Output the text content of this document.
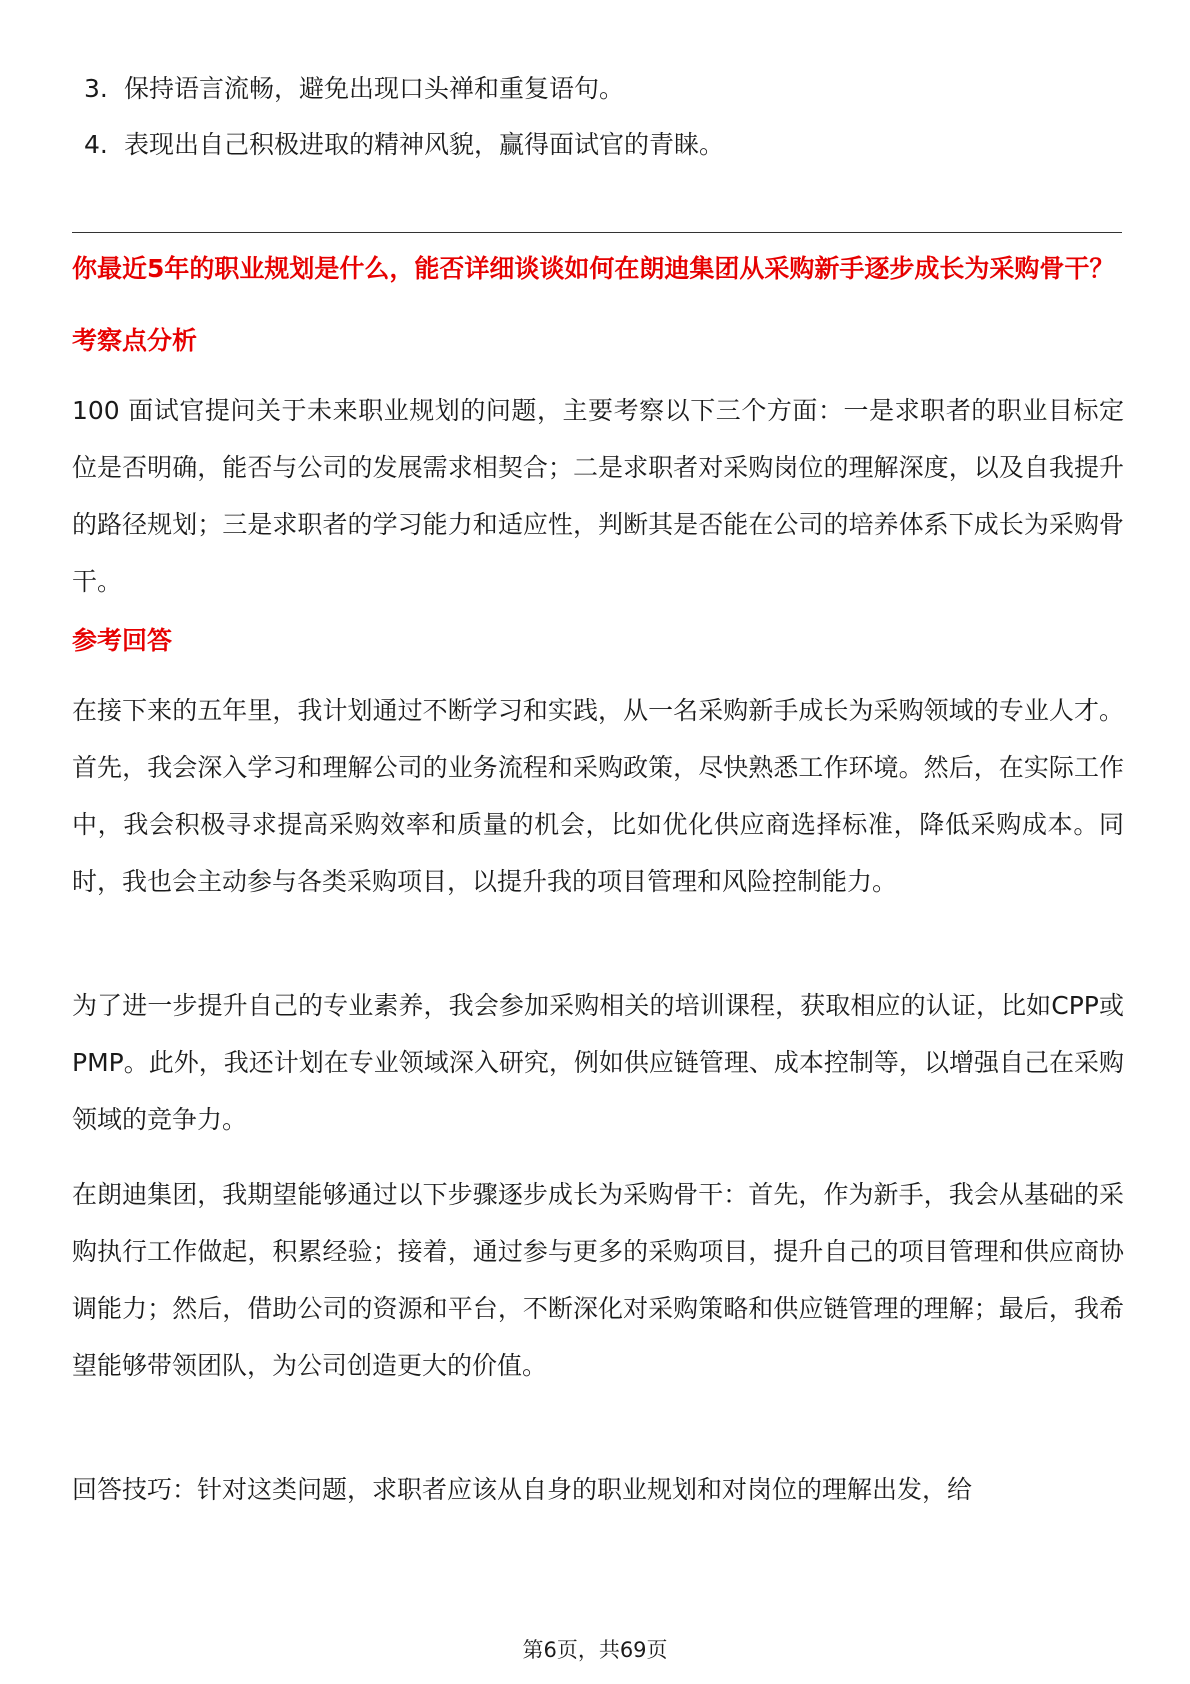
3. 保持语言流畅，避免出现口头禅和重复语句。
4. 表现出自己积极进取的精神风貌，赢得面试官的青睐。
你最近5年的职业规划是什么，能否详细谈谈如何在朗迪集团从采购新手逐步成长为采购骨干？
考察点分析
100 面试官提问关于未来职业规划的问题，主要考察以下三个方面：一是求职者的职业目标定位是否明确，能否与公司的发展需求相契合；二是求职者对采购岗位的理解深度，以及自我提升的路径规划；三是求职者的学习能力和适应性，判断其是否能在公司的培养体系下成长为采购骨干。
参考回答
在接下来的五年里，我计划通过不断学习和实践，从一名采购新手成长为采购领域的专业人才。首先，我会深入学习和理解公司的业务流程和采购政策，尽快熟悉工作环境。然后，在实际工作中，我会积极寻求提高采购效率和质量的机会，比如优化供应商选择标准，降低采购成本。同时，我也会主动参与各类采购项目，以提升我的项目管理和风险控制能力。
为了进一步提升自己的专业素养，我会参加采购相关的培训课程，获取相应的认证，比如CPP或PMP。此外，我还计划在专业领域深入研究，例如供应链管理、成本控制等，以增强自己在采购领域的竞争力。
在朗迪集团，我期望能够通过以下步骤逐步成长为采购骨干：首先，作为新手，我会从基础的采购执行工作做起，积累经验；接着，通过参与更多的采购项目，提升自己的项目管理和供应商协调能力；然后，借助公司的资源和平台，不断深化对采购策略和供应链管理的理解；最后，我希望能够带领团队，为公司创造更大的价值。
回答技巧：针对这类问题，求职者应该从自身的职业规划和对岗位的理解出发，给
第6页，共69页
